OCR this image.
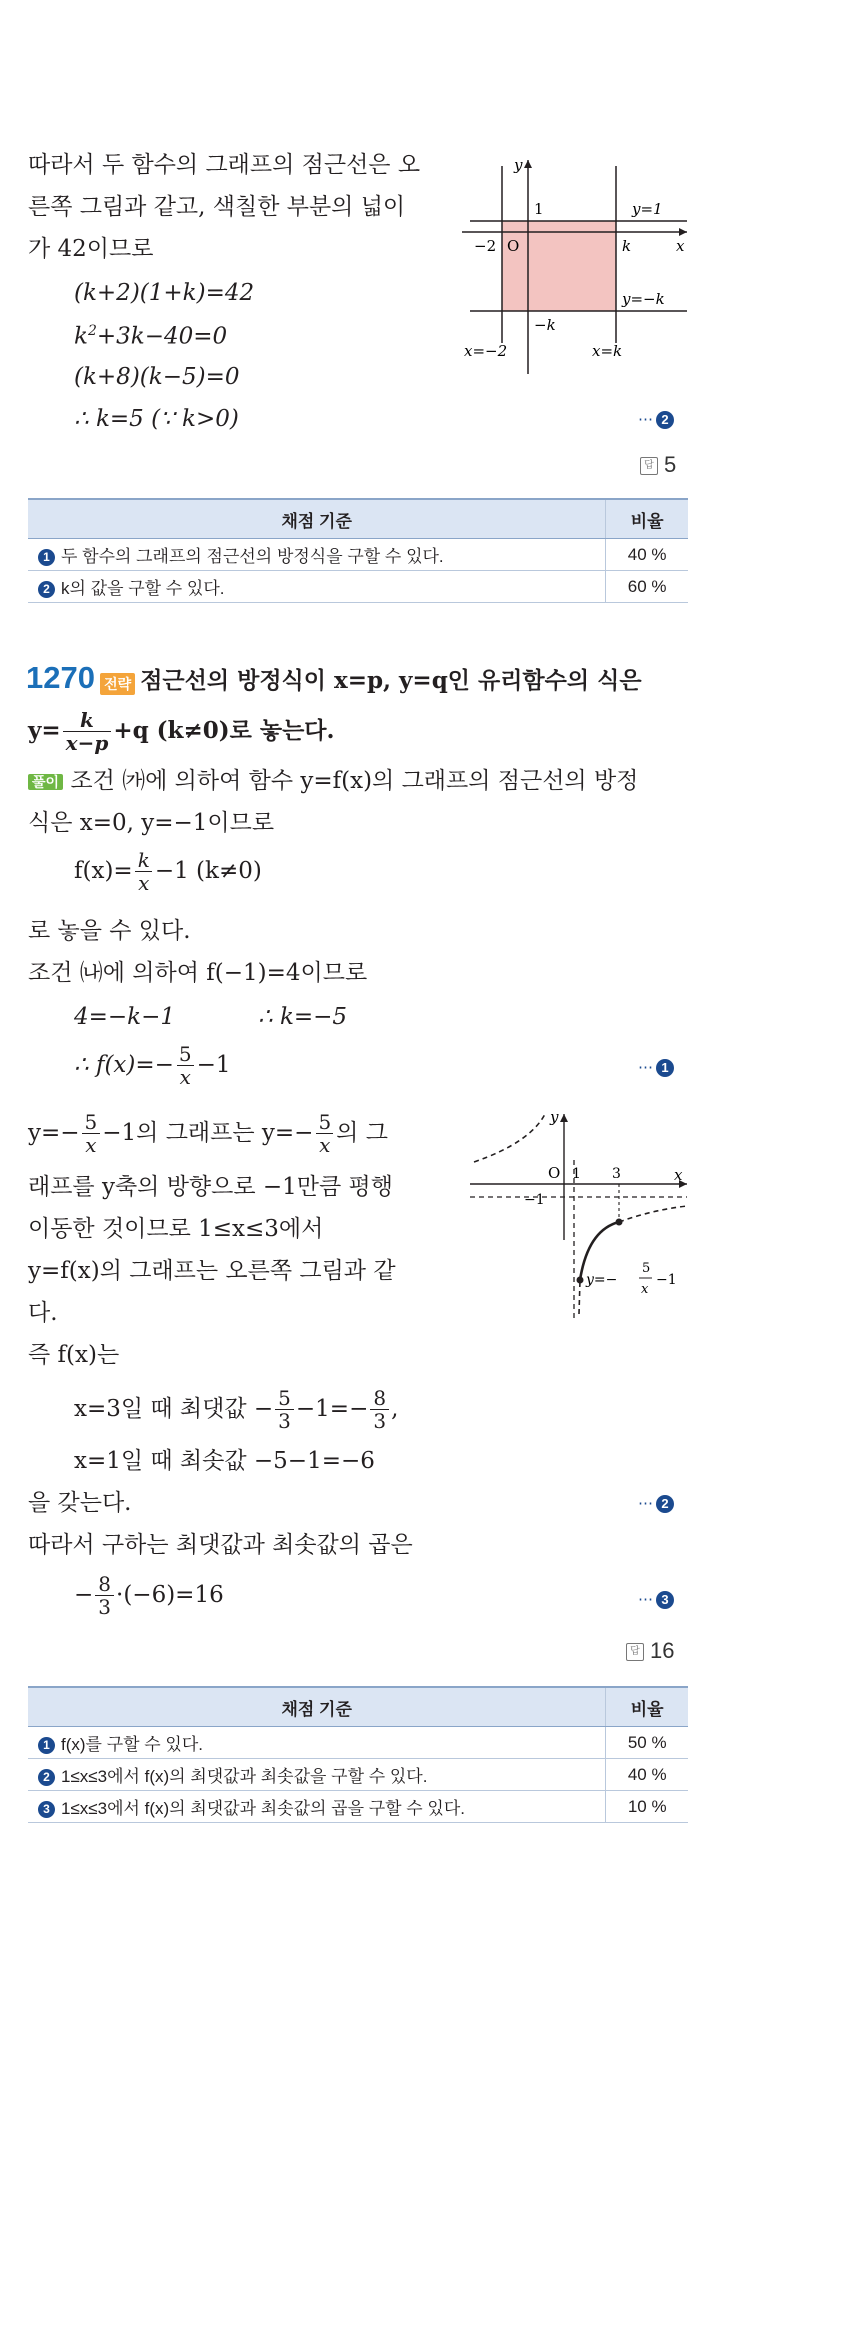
따라서 두 함수의 그래프의 점근선은 오
른쪽 그림과 같고, 색칠한 부분의 넓이
가 42이므로
(k+2)(1+k)=42
$k^2+3k-40=0$
(k+8)(k−5)=0
∴ k=5 (∵ k>0)
y
1	y=1
−2 O	k	x
y=−k
−k
x=−2	x=k
⋯ 2
답 5
채점 기준	비율
1 두 함수의 그래프의 점근선의 방정식을 구할 수 있다.	40 %
2 k의 값을 구할 수 있다.	60 %
1270 전략 점근선의 방정식이 x=p, y=q인 유리함수의 식은
$y= \frac{k}{x-p} +q$ (k≠0)로 놓는다.
풀이 조건 ㈎에 의하여 함수 y=f(x)의 그래프의 점근선의 방정
식은 x=0, y=−1이므로
$f(x)= \frac{k}{x} -1$ (k≠0)
로 놓을 수 있다.
조건 ㈏에 의하여 f(−1)=4이므로
4=−k−1	∴ k=−5
∴ $f(x)=- \frac{5}{x} -1$	⋯ 1
$y=- \frac{5}{x} -1$의 그래프는 $y=- \frac{5}{x}$ 의 그
래프를 y축의 방향으로 −1만큼 평행
이동한 것이므로 1≤x≤3에서
y=f(x)의 그래프는 오른쪽 그림과 같
다.
y
O 1 3	x
−1
y=−
5
x
−1
즉 f(x)는
x=3일 때 최댓값 − $\frac{5}{3} -1=- \frac{8}{3}$ ,
x=1일 때 최솟값 −5−1=−6
을 갖는다.	⋯ 2
따라서 구하는 최댓값과 최솟값의 곱은
− $\frac{8}{3} \cdot(-6)=16$	⋯ 3
답 16
채점 기준	비율
1 f(x)를 구할 수 있다.	50 %
2 1≤x≤3에서 f(x)의 최댓값과 최솟값을 구할 수 있다.	40 %
3 1≤x≤3에서 f(x)의 최댓값과 최솟값의 곱을 구할 수 있다.	10 %
